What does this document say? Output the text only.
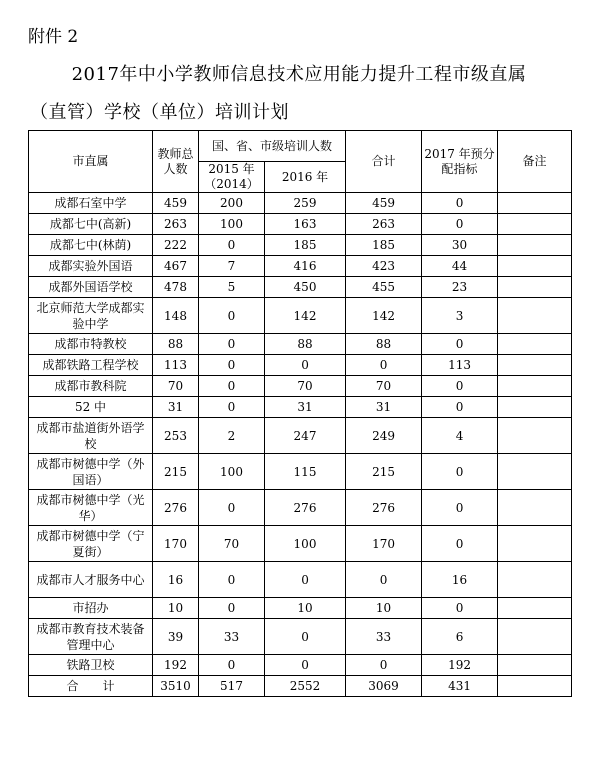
附件 2
2017年中小学教师信息技术应用能力提升工程市级直属
（直管）学校（单位）培训计划
市直属	教师总人数	国、省、市级培训人数		合计	2017 年预分配指标	备注
		2015 年（2014）	2016 年			
成都石室中学	459	200	259	459	0	
成都七中(高新)	263	100	163	263	0	
成都七中(林荫)	222	0	185	185	30	
成都实验外国语	467	7	416	423	44	
成都外国语学校	478	5	450	455	23	
北京师范大学成都实验中学	148	0	142	142	3	
成都市特教校	88	0	88	88	0	
成都铁路工程学校	113	0	0	0	113	
成都市教科院	70	0	70	70	0	
52 中	31	0	31	31	0	
成都市盐道街外语学校	253	2	247	249	4	
成都市树德中学（外国语）	215	100	115	215	0	
成都市树德中学（光华）	276	0	276	276	0	
成都市树德中学（宁夏街）	170	70	100	170	0	
成都市人才服务中心	16	0	0	0	16	
市招办	10	0	10	10	0	
成都市教育技术装备管理中心	39	33	0	33	6	
铁路卫校	192	0	0	0	192	
合　　计	3510	517	2552	3069	431	
